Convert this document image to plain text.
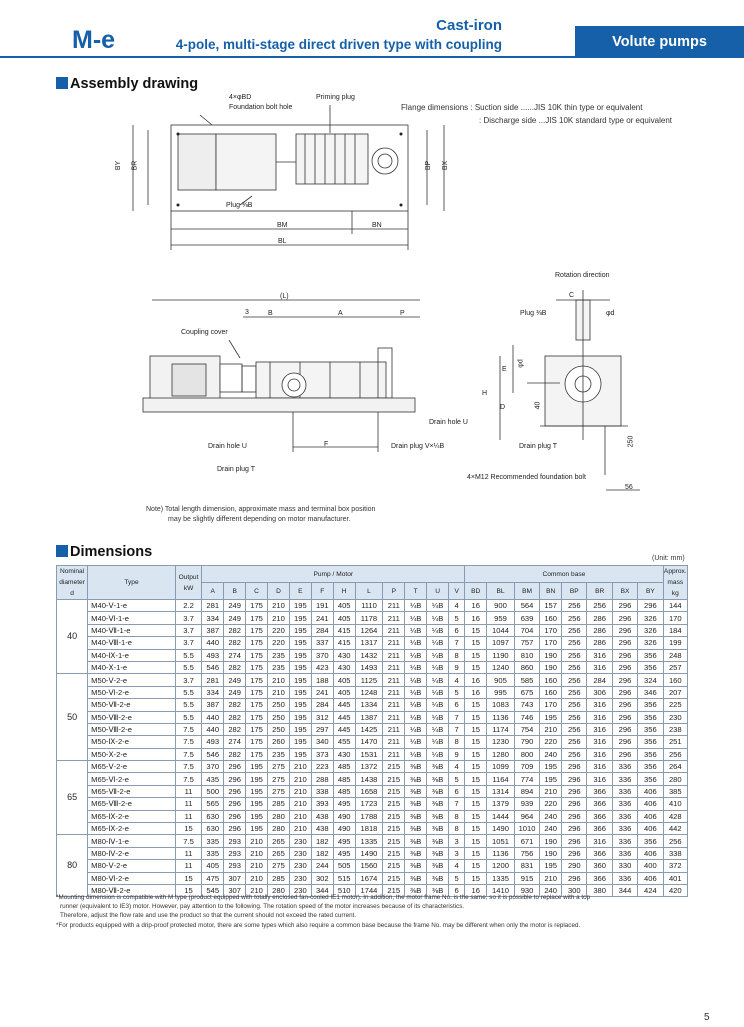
M-e
Cast-iron
4-pole, multi-stage direct driven type with coupling	Volute pumps
Assembly drawing
Flange dimensions : Suction side ......JIS 10K thin type or equivalent
: Discharge side ...JIS 10K standard type or equivalent
4×φBD
Foundation bolt hole
Priming plug
Plug ⅜B
BM	BN
BL
BY BR	BP BX
Rotation direction
(L)
3	B	A	P
C
Coupling cover
Plug ⅜B	φd
Drain hole U
Drain hole U	F	Drain plug V×¼B
Drain plug T
Drain plug T
H
D
E
φd
40
250
4×M12 Recommended foundation bolt
56
Note) Total length dimension, approximate mass and terminal box position
may be slightly different depending on motor manufacturer.
Dimensions	(Unit: mm)
Nominal diameter d	Type	Output kW	Pump / Motor												Common base								Approx. mass kg
			A	B	C	D	E	F	H	L	P	T	U	V	BD	BL	BM	BN	BP	BR	BX	BY	
40	M40-Ⅴ-1-e	2.2	281	249	175	210	195	191	405	1110	211	¼B	¼B	4	16	900	564	157	256	256	296	296	144
	M40-Ⅵ-1-e	3.7	334	249	175	210	195	241	405	1178	211	¼B	¼B	5	16	959	639	160	256	286	296	326	170
	M40-Ⅶ-1-e	3.7	387	282	175	220	195	284	415	1264	211	¼B	¼B	6	15	1044	704	170	256	286	296	326	184
	M40-Ⅷ-1-e	3.7	440	282	175	220	195	337	415	1317	211	¼B	¼B	7	15	1097	757	170	256	286	296	326	199
	M40-Ⅸ-1-e	5.5	493	274	175	235	195	370	430	1432	211	¼B	¼B	8	15	1190	810	190	256	316	296	356	248
	M40-Ⅹ-1-e	5.5	546	282	175	235	195	423	430	1493	211	¼B	¼B	9	15	1240	860	190	256	316	296	356	257
50	M50-Ⅴ-2-e	3.7	281	249	175	210	195	188	405	1125	211	¼B	¼B	4	16	905	585	160	256	284	296	324	160
	M50-Ⅵ-2-e	5.5	334	249	175	210	195	241	405	1248	211	¼B	¼B	5	16	995	675	160	256	306	296	346	207
	M50-Ⅶ-2-e	5.5	387	282	175	250	195	284	445	1334	211	¼B	¼B	6	15	1083	743	170	256	316	296	356	225
	M50-Ⅷ-2-e	5.5	440	282	175	250	195	312	445	1387	211	¼B	¼B	7	15	1136	746	195	256	316	296	356	230
	M50-Ⅷ-2-e	7.5	440	282	175	250	195	297	445	1425	211	¼B	¼B	7	15	1174	754	210	256	316	296	356	238
	M50-Ⅸ-2-e	7.5	493	274	175	260	195	340	455	1470	211	¼B	¼B	8	15	1230	790	220	256	316	296	356	251
	M50-Ⅹ-2-e	7.5	546	282	175	235	195	373	430	1531	211	¼B	¼B	9	15	1280	800	240	256	316	296	356	256
65	M65-Ⅴ-2-e	7.5	370	296	195	275	210	223	485	1372	215	⅜B	⅜B	4	15	1099	709	195	296	316	336	356	264
	M65-Ⅵ-2-e	7.5	435	296	195	275	210	288	485	1438	215	⅜B	⅜B	5	15	1164	774	195	296	316	336	356	280
	M65-Ⅶ-2-e	11	500	296	195	275	210	338	485	1658	215	⅜B	⅜B	6	15	1314	894	210	296	366	336	406	385
	M65-Ⅷ-2-e	11	565	296	195	285	210	393	495	1723	215	⅜B	⅜B	7	15	1379	939	220	296	366	336	406	410
	M65-Ⅸ-2-e	11	630	296	195	280	210	438	490	1788	215	⅜B	⅜B	8	15	1444	964	240	296	366	336	406	428
	M65-Ⅸ-2-e	15	630	296	195	280	210	438	490	1818	215	⅜B	⅜B	8	15	1490	1010	240	296	366	336	406	442
80	M80-Ⅳ-1-e	7.5	335	293	210	265	230	182	495	1335	215	⅜B	⅜B	3	15	1051	671	190	296	316	336	356	256
	M80-Ⅳ-2-e	11	335	293	210	265	230	182	495	1490	215	⅜B	⅜B	3	15	1136	756	190	296	366	336	406	338
	M80-Ⅴ-2-e	11	405	293	210	275	230	244	505	1560	215	⅜B	⅜B	4	15	1200	831	195	290	360	330	400	372
	M80-Ⅵ-2-e	15	475	307	210	285	230	302	515	1674	215	⅜B	⅜B	5	15	1335	915	210	296	366	336	406	401
	M80-Ⅶ-2-e	15	545	307	210	280	230	344	510	1744	215	⅜B	⅜B	6	16	1410	930	240	300	380	344	424	420
*Mounting dimension is compatible with M type (product equipped with totally enclosed fan-cooled IE1 motor). In addition, the motor frame No. is the same, so it is possible to replace with a top
runner (equivalent to IE3) motor. However, pay attention to the following. The rotation speed of the motor increases because of its characteristics.
Therefore, adjust the flow rate and use the product so that the current should not exceed the rated current.
*For products equipped with a drip-proof protected motor, there are some types which also require a common base because the frame No. may be different when only the motor is replaced.
5
